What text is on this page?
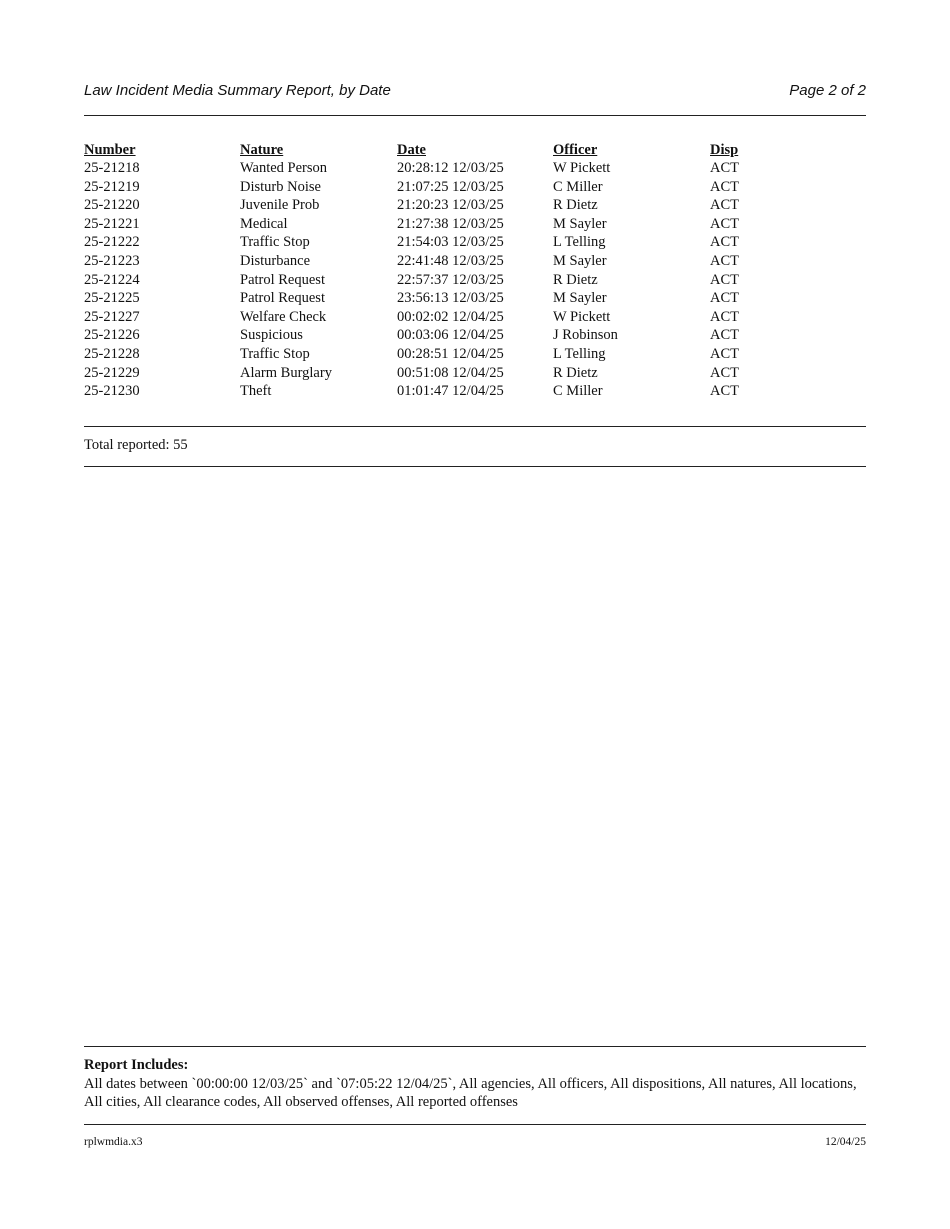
Law Incident Media Summary Report, by Date	Page 2 of 2
Number	Nature	Date	Officer	Disp
25-21218	Wanted Person	20:28:12 12/03/25	W Pickett	ACT
25-21219	Disturb Noise	21:07:25 12/03/25	C Miller	ACT
25-21220	Juvenile Prob	21:20:23 12/03/25	R Dietz	ACT
25-21221	Medical	21:27:38 12/03/25	M Sayler	ACT
25-21222	Traffic Stop	21:54:03 12/03/25	L Telling	ACT
25-21223	Disturbance	22:41:48 12/03/25	M Sayler	ACT
25-21224	Patrol Request	22:57:37 12/03/25	R Dietz	ACT
25-21225	Patrol Request	23:56:13 12/03/25	M Sayler	ACT
25-21227	Welfare Check	00:02:02 12/04/25	W Pickett	ACT
25-21226	Suspicious	00:03:06 12/04/25	J Robinson	ACT
25-21228	Traffic Stop	00:28:51 12/04/25	L Telling	ACT
25-21229	Alarm Burglary	00:51:08 12/04/25	R Dietz	ACT
25-21230	Theft	01:01:47 12/04/25	C Miller	ACT
Total reported: 55
Report Includes:
All dates between `00:00:00 12/03/25` and `07:05:22 12/04/25`, All agencies, All officers, All dispositions, All natures, All locations, All cities, All clearance codes, All observed offenses, All reported offenses
rplwmdia.x3	12/04/25
